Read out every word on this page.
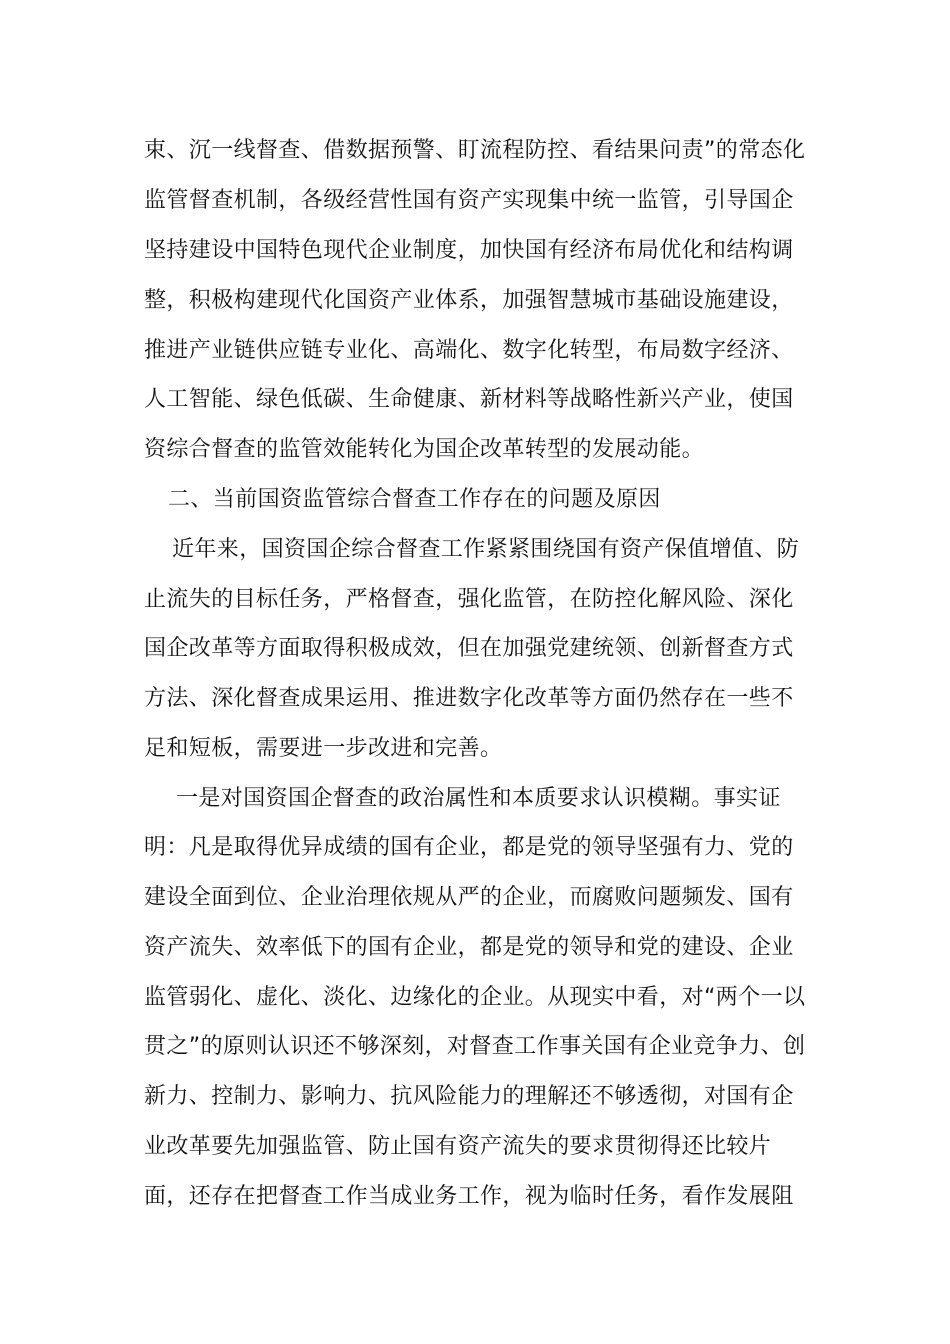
束、沉一线督查、借数据预警、盯流程防控、看结果问责”的常态化
监管督查机制，各级经营性国有资产实现集中统一监管，引导国企
坚持建设中国特色现代企业制度，加快国有经济布局优化和结构调
整，积极构建现代化国资产业体系，加强智慧城市基础设施建设，
推进产业链供应链专业化、高端化、数字化转型，布局数字经济、
人工智能、绿色低碳、生命健康、新材料等战略性新兴产业，使国
资综合督查的监管效能转化为国企改革转型的发展动能。
二、当前国资监管综合督查工作存在的问题及原因
近年来，国资国企综合督查工作紧紧围绕国有资产保值增值、防
止流失的目标任务，严格督查，强化监管，在防控化解风险、深化
国企改革等方面取得积极成效，但在加强党建统领、创新督查方式
方法、深化督查成果运用、推进数字化改革等方面仍然存在一些不
足和短板，需要进一步改进和完善。
一是对国资国企督查的政治属性和本质要求认识模糊。事实证
明：凡是取得优异成绩的国有企业，都是党的领导坚强有力、党的
建设全面到位、企业治理依规从严的企业，而腐败问题频发、国有
资产流失、效率低下的国有企业，都是党的领导和党的建设、企业
监管弱化、虚化、淡化、边缘化的企业。从现实中看，对“两个一以
贯之”的原则认识还不够深刻，对督查工作事关国有企业竞争力、创
新力、控制力、影响力、抗风险能力的理解还不够透彻，对国有企
业改革要先加强监管、防止国有资产流失的要求贯彻得还比较片
面，还存在把督查工作当成业务工作，视为临时任务，看作发展阻
